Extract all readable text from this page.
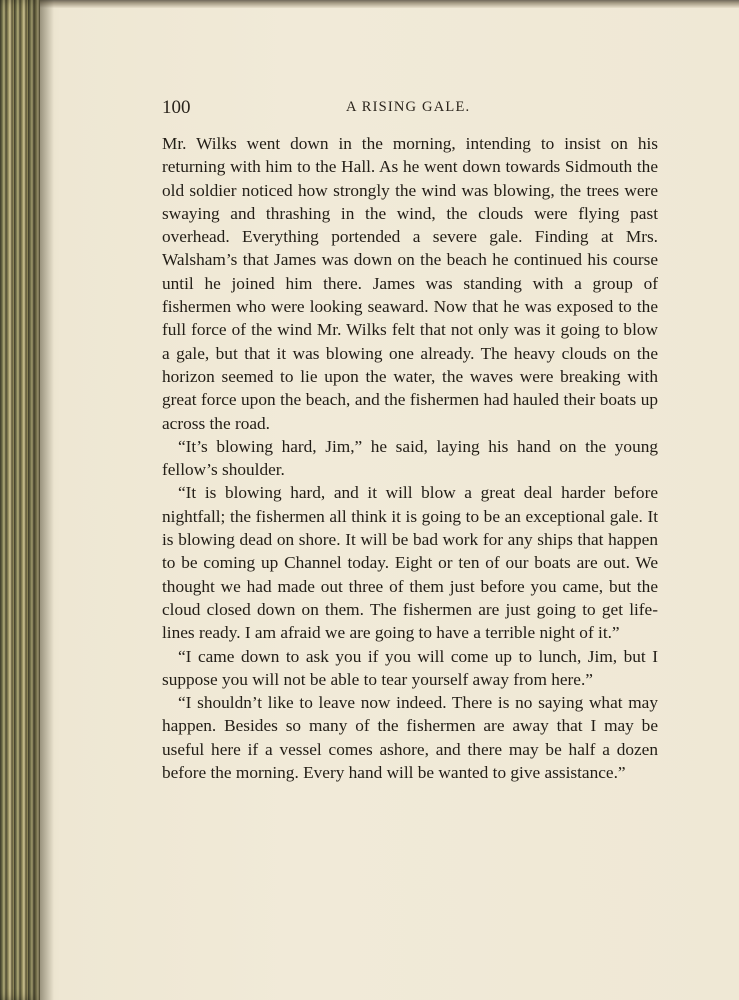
100	A RISING GALE.

Mr. Wilks went down in the morning, intending to insist on his returning with him to the Hall. As he went down towards Sidmouth the old soldier noticed how strongly the wind was blowing, the trees were swaying and thrashing in the wind, the clouds were flying past overhead. Everything portended a severe gale. Finding at Mrs. Walsham’s that James was down on the beach he continued his course until he joined him there. James was standing with a group of fishermen who were looking seaward. Now that he was exposed to the full force of the wind Mr. Wilks felt that not only was it going to blow a gale, but that it was blowing one already. The heavy clouds on the horizon seemed to lie upon the water, the waves were breaking with great force upon the beach, and the fishermen had hauled their boats up across the road.

“It’s blowing hard, Jim,” he said, laying his hand on the young fellow’s shoulder.

“It is blowing hard, and it will blow a great deal harder before nightfall; the fishermen all think it is going to be an exceptional gale. It is blowing dead on shore. It will be bad work for any ships that happen to be coming up Channel today. Eight or ten of our boats are out. We thought we had made out three of them just before you came, but the cloud closed down on them. The fishermen are just going to get lifelines ready. I am afraid we are going to have a terrible night of it.”

“I came down to ask you if you will come up to lunch, Jim, but I suppose you will not be able to tear yourself away from here.”

“I shouldn’t like to leave now indeed. There is no saying what may happen. Besides so many of the fishermen are away that I may be useful here if a vessel comes ashore, and there may be half a dozen before the morning. Every hand will be wanted to give assistance.”
